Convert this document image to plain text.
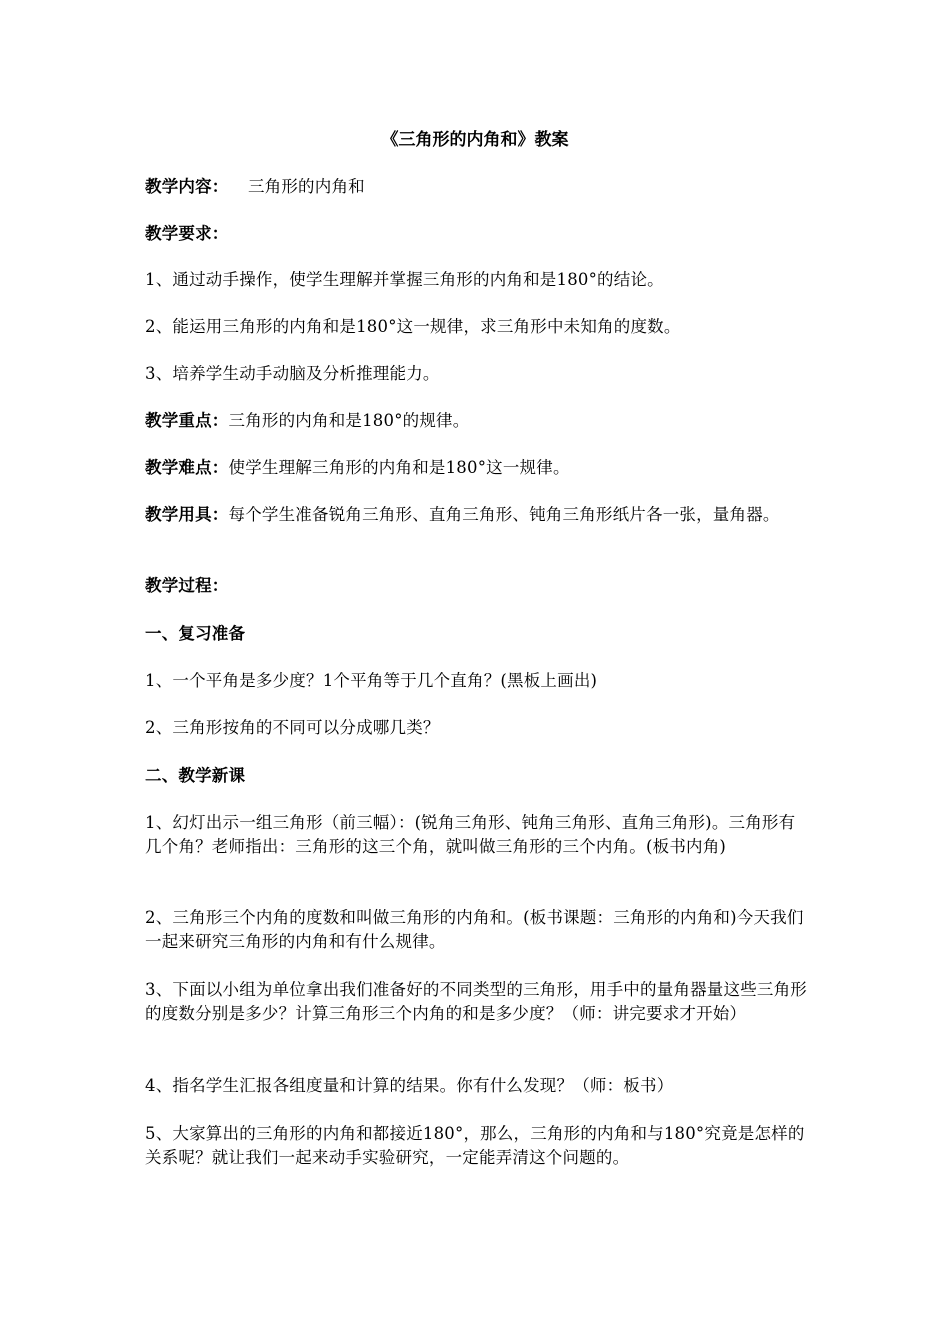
《三角形的内角和》教案
教学内容： 三角形的内角和
教学要求：
1、通过动手操作，使学生理解并掌握三角形的内角和是180°的结论。
2、能运用三角形的内角和是180°这一规律，求三角形中未知角的度数。
3、培养学生动手动脑及分析推理能力。
教学重点：三角形的内角和是180°的规律。
教学难点：使学生理解三角形的内角和是180°这一规律。
教学用具：每个学生准备锐角三角形、直角三角形、钝角三角形纸片各一张，量角器。
教学过程：
一、复习准备
1、一个平角是多少度？1个平角等于几个直角？(黑板上画出)
2、三角形按角的不同可以分成哪几类？
二、教学新课
1、幻灯出示一组三角形（前三幅）：(锐角三角形、钝角三角形、直角三角形)。三角形有几个角？老师指出：三角形的这三个角，就叫做三角形的三个内角。(板书内角)
2、三角形三个内角的度数和叫做三角形的内角和。(板书课题：三角形的内角和)今天我们一起来研究三角形的内角和有什么规律。
3、下面以小组为单位拿出我们准备好的不同类型的三角形，用手中的量角器量这些三角形的度数分别是多少？计算三角形三个内角的和是多少度？（师：讲完要求才开始）
4、指名学生汇报各组度量和计算的结果。你有什么发现？（师：板书）
5、大家算出的三角形的内角和都接近180°，那么，三角形的内角和与180°究竟是怎样的关系呢？就让我们一起来动手实验研究，一定能弄清这个问题的。
